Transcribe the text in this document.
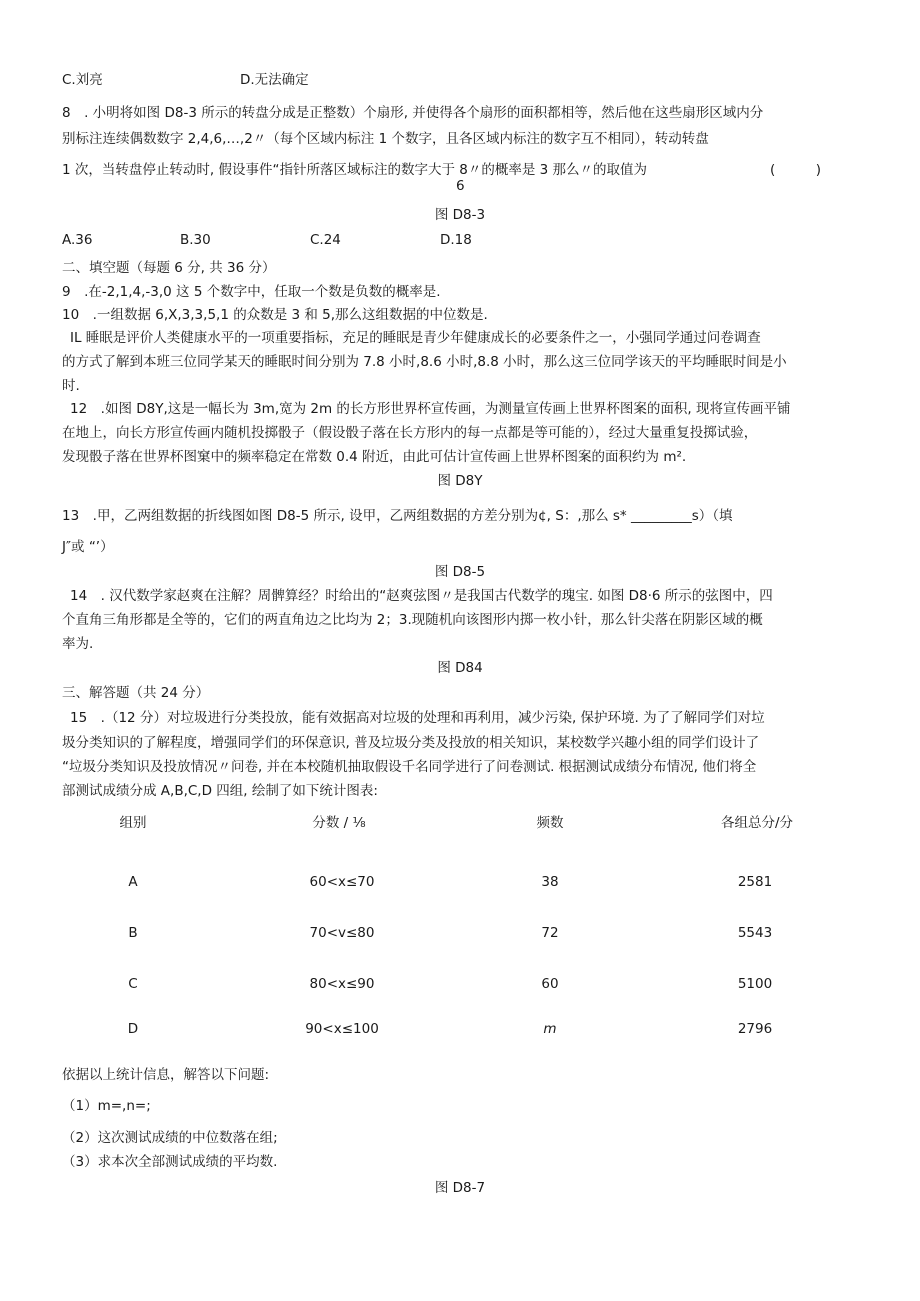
C.刘亮	D.无法确定
8　. 小明将如图 D8-3 所示的转盘分成是正整数）个扇形, 并使得各个扇形的面积都相等，然后他在这些扇形区域内分
别标注连续偶数数字 2,4,6,…,2〃（每个区域内标注 1 个数字，且各区域内标注的数字互不相同），转动转盘
1 次，当转盘停止转动时, 假设事件“指针所落区域标注的数字大于 8〃的概率是 3 那么〃的取值为	(　　　)
6
图 D8-3
A.36	B.30	C.24	D.18
二、填空题（每题 6 分, 共 36 分）
9　.在-2,1,4,-3,0 这 5 个数字中，任取一个数是负数的概率是.
10　.一组数据 6,X,3,3,5,1 的众数是 3 和 5,那么这组数据的中位数是.
IL 睡眠是评价人类健康水平的一项重要指标，充足的睡眠是青少年健康成长的必要条件之一，小强同学通过问卷调查
的方式了解到本班三位同学某天的睡眠时间分别为 7.8 小时,8.6 小时,8.8 小时，那么这三位同学该天的平均睡眠时间是小
时.
12　.如图 D8Y,这是一幅长为 3m,宽为 2m 的长方形世界杯宣传画，为测量宣传画上世界杯图案的面积, 现将宣传画平铺
在地上，向长方形宣传画内随机投掷骰子（假设骰子落在长方形内的每一点都是等可能的），经过大量重复投掷试验，
发现骰子落在世界杯图窠中的频率稳定在常数 0.4 附近，由此可估计宣传画上世界杯图案的面积约为 m².
图 D8Y
13　.甲，乙两组数据的折线图如图 D8-5 所示, 设甲，乙两组数据的方差分别为¢, S：,那么 s* _________s）（填
J″或 “’）
图 D8-5
14　. 汉代数学家赵爽在注解？周髀算经？时给出的“赵爽弦图〃是我国古代数学的瑰宝. 如图 D8·6 所示的弦图中，四
个直角三角形都是全等的，它们的两直角边之比均为 2；3.现随机向该图形内掷一枚小针，那么针尖落在阴影区域的概
率为.
图 D84
三、解答题（共 24 分）
15　.（12 分）对垃圾进行分类投放，能有效据高对垃圾的处理和再利用，减少污染, 保护环境. 为了了解同学们对垃
圾分类知识的了解程度，增强同学们的环保意识, 普及垃圾分类及投放的相关知识，某校数学兴趣小组的同学们设计了
“垃圾分类知识及投放情况〃问卷, 并在本校随机抽取假设千名同学进行了问卷测试. 根据测试成绩分布情况, 他们将全
部测试成绩分成 A,B,C,D 四组, 绘制了如下统计图表:
组别	分数 / ⅛	频数	各组总分/分
A	60<x≤70	38	2581
B	70<v≤80	72	5543
C	80<x≤90	60	5100
D	90<x≤100	m	2796
依据以上统计信息，解答以下问题:
（1）m=,n=;
（2）这次测试成绩的中位数落在组;
（3）求本次全部测试成绩的平均数.
图 D8-7
